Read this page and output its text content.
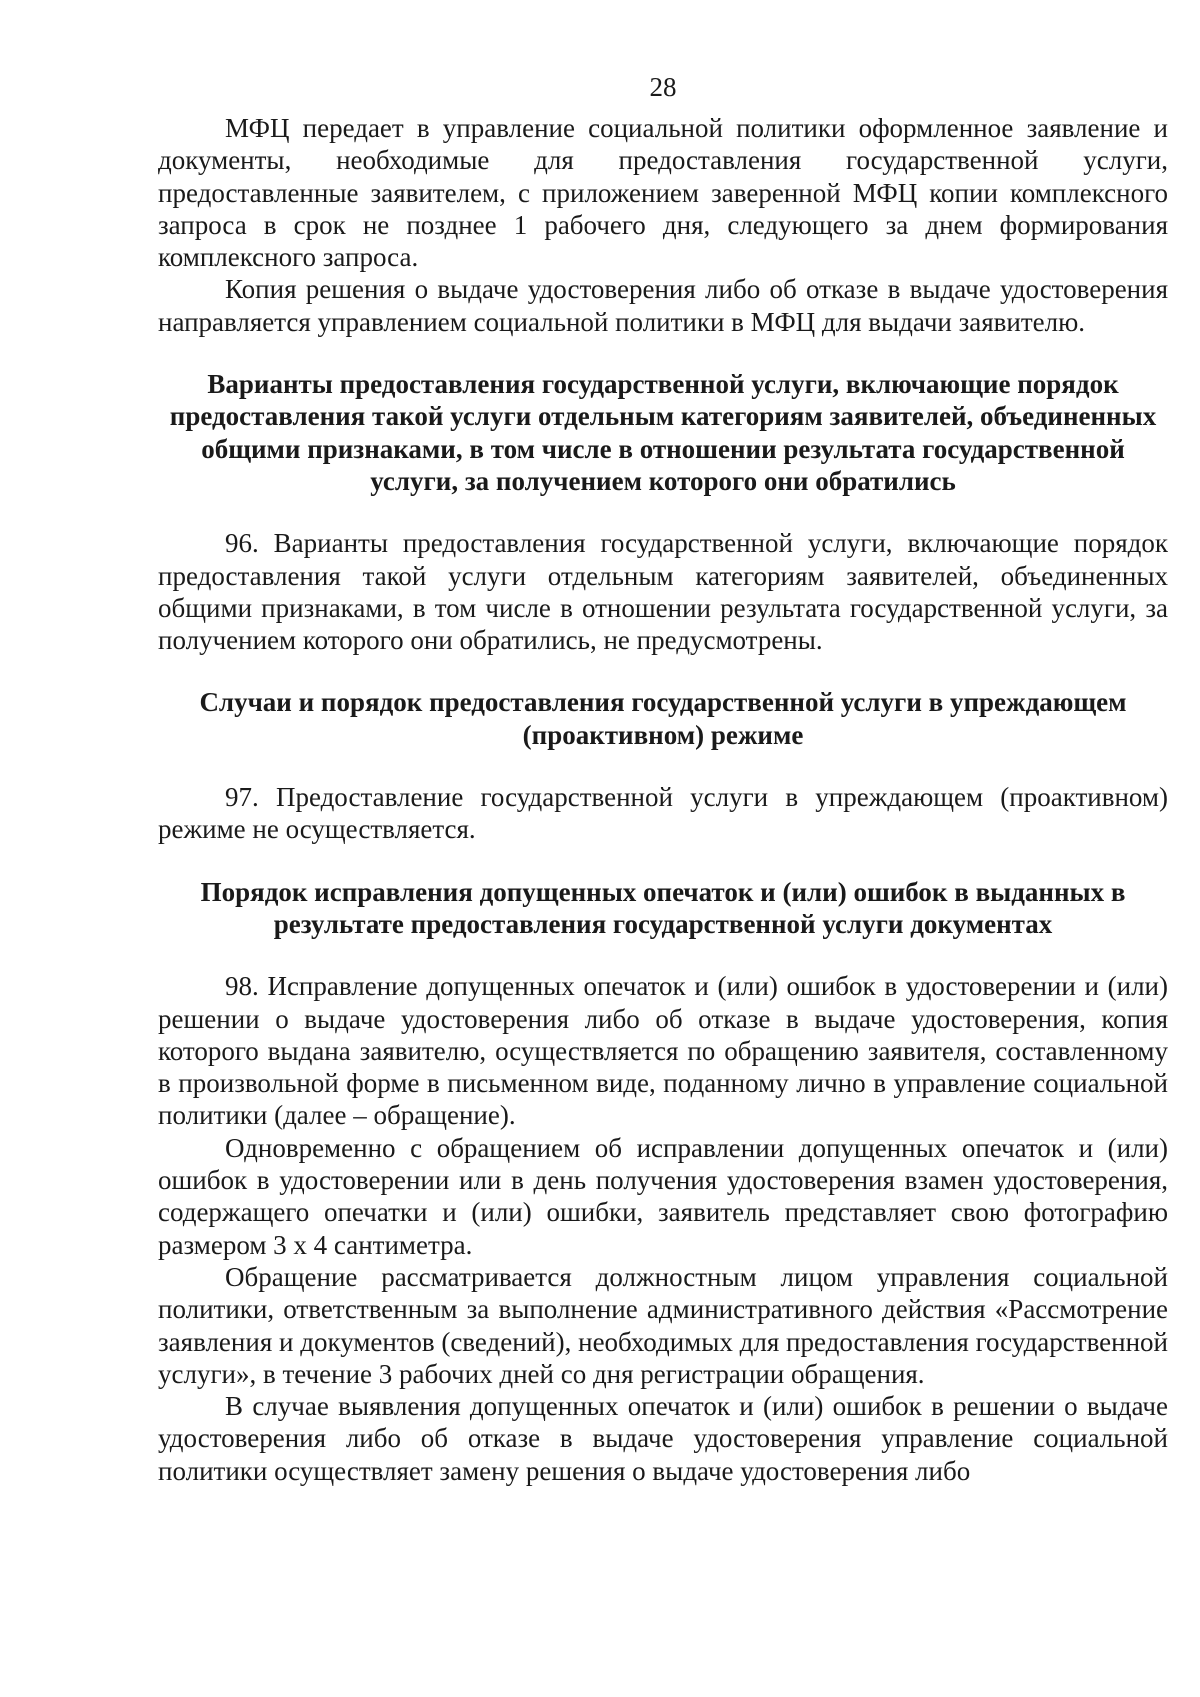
28

МФЦ передает в управление социальной политики оформленное заявление и документы, необходимые для предоставления государственной услуги, предоставленные заявителем, с приложением заверенной МФЦ копии комплексного запроса в срок не позднее 1 рабочего дня, следующего за днем формирования комплексного запроса.

Копия решения о выдаче удостоверения либо об отказе в выдаче удостоверения направляется управлением социальной политики в МФЦ для выдачи заявителю.

Варианты предоставления государственной услуги, включающие порядок предоставления такой услуги отдельным категориям заявителей, объединенных общими признаками, в том числе в отношении результата государственной услуги, за получением которого они обратились

96. Варианты предоставления государственной услуги, включающие порядок предоставления такой услуги отдельным категориям заявителей, объединенных общими признаками, в том числе в отношении результата государственной услуги, за получением которого они обратились, не предусмотрены.

Случаи и порядок предоставления государственной услуги в упреждающем (проактивном) режиме

97. Предоставление государственной услуги в упреждающем (проактивном) режиме не осуществляется.

Порядок исправления допущенных опечаток и (или) ошибок в выданных в результате предоставления государственной услуги документах

98. Исправление допущенных опечаток и (или) ошибок в удостоверении и (или) решении о выдаче удостоверения либо об отказе в выдаче удостоверения, копия которого выдана заявителю, осуществляется по обращению заявителя, составленному в произвольной форме в письменном виде, поданному лично в управление социальной политики (далее – обращение).

Одновременно с обращением об исправлении допущенных опечаток и (или) ошибок в удостоверении или в день получения удостоверения взамен удостоверения, содержащего опечатки и (или) ошибки, заявитель представляет свою фотографию размером 3 х 4 сантиметра.

Обращение рассматривается должностным лицом управления социальной политики, ответственным за выполнение административного действия «Рассмотрение заявления и документов (сведений), необходимых для предоставления государственной услуги», в течение 3 рабочих дней со дня регистрации обращения.

В случае выявления допущенных опечаток и (или) ошибок в решении о выдаче удостоверения либо об отказе в выдаче удостоверения управление социальной политики осуществляет замену решения о выдаче удостоверения либо
